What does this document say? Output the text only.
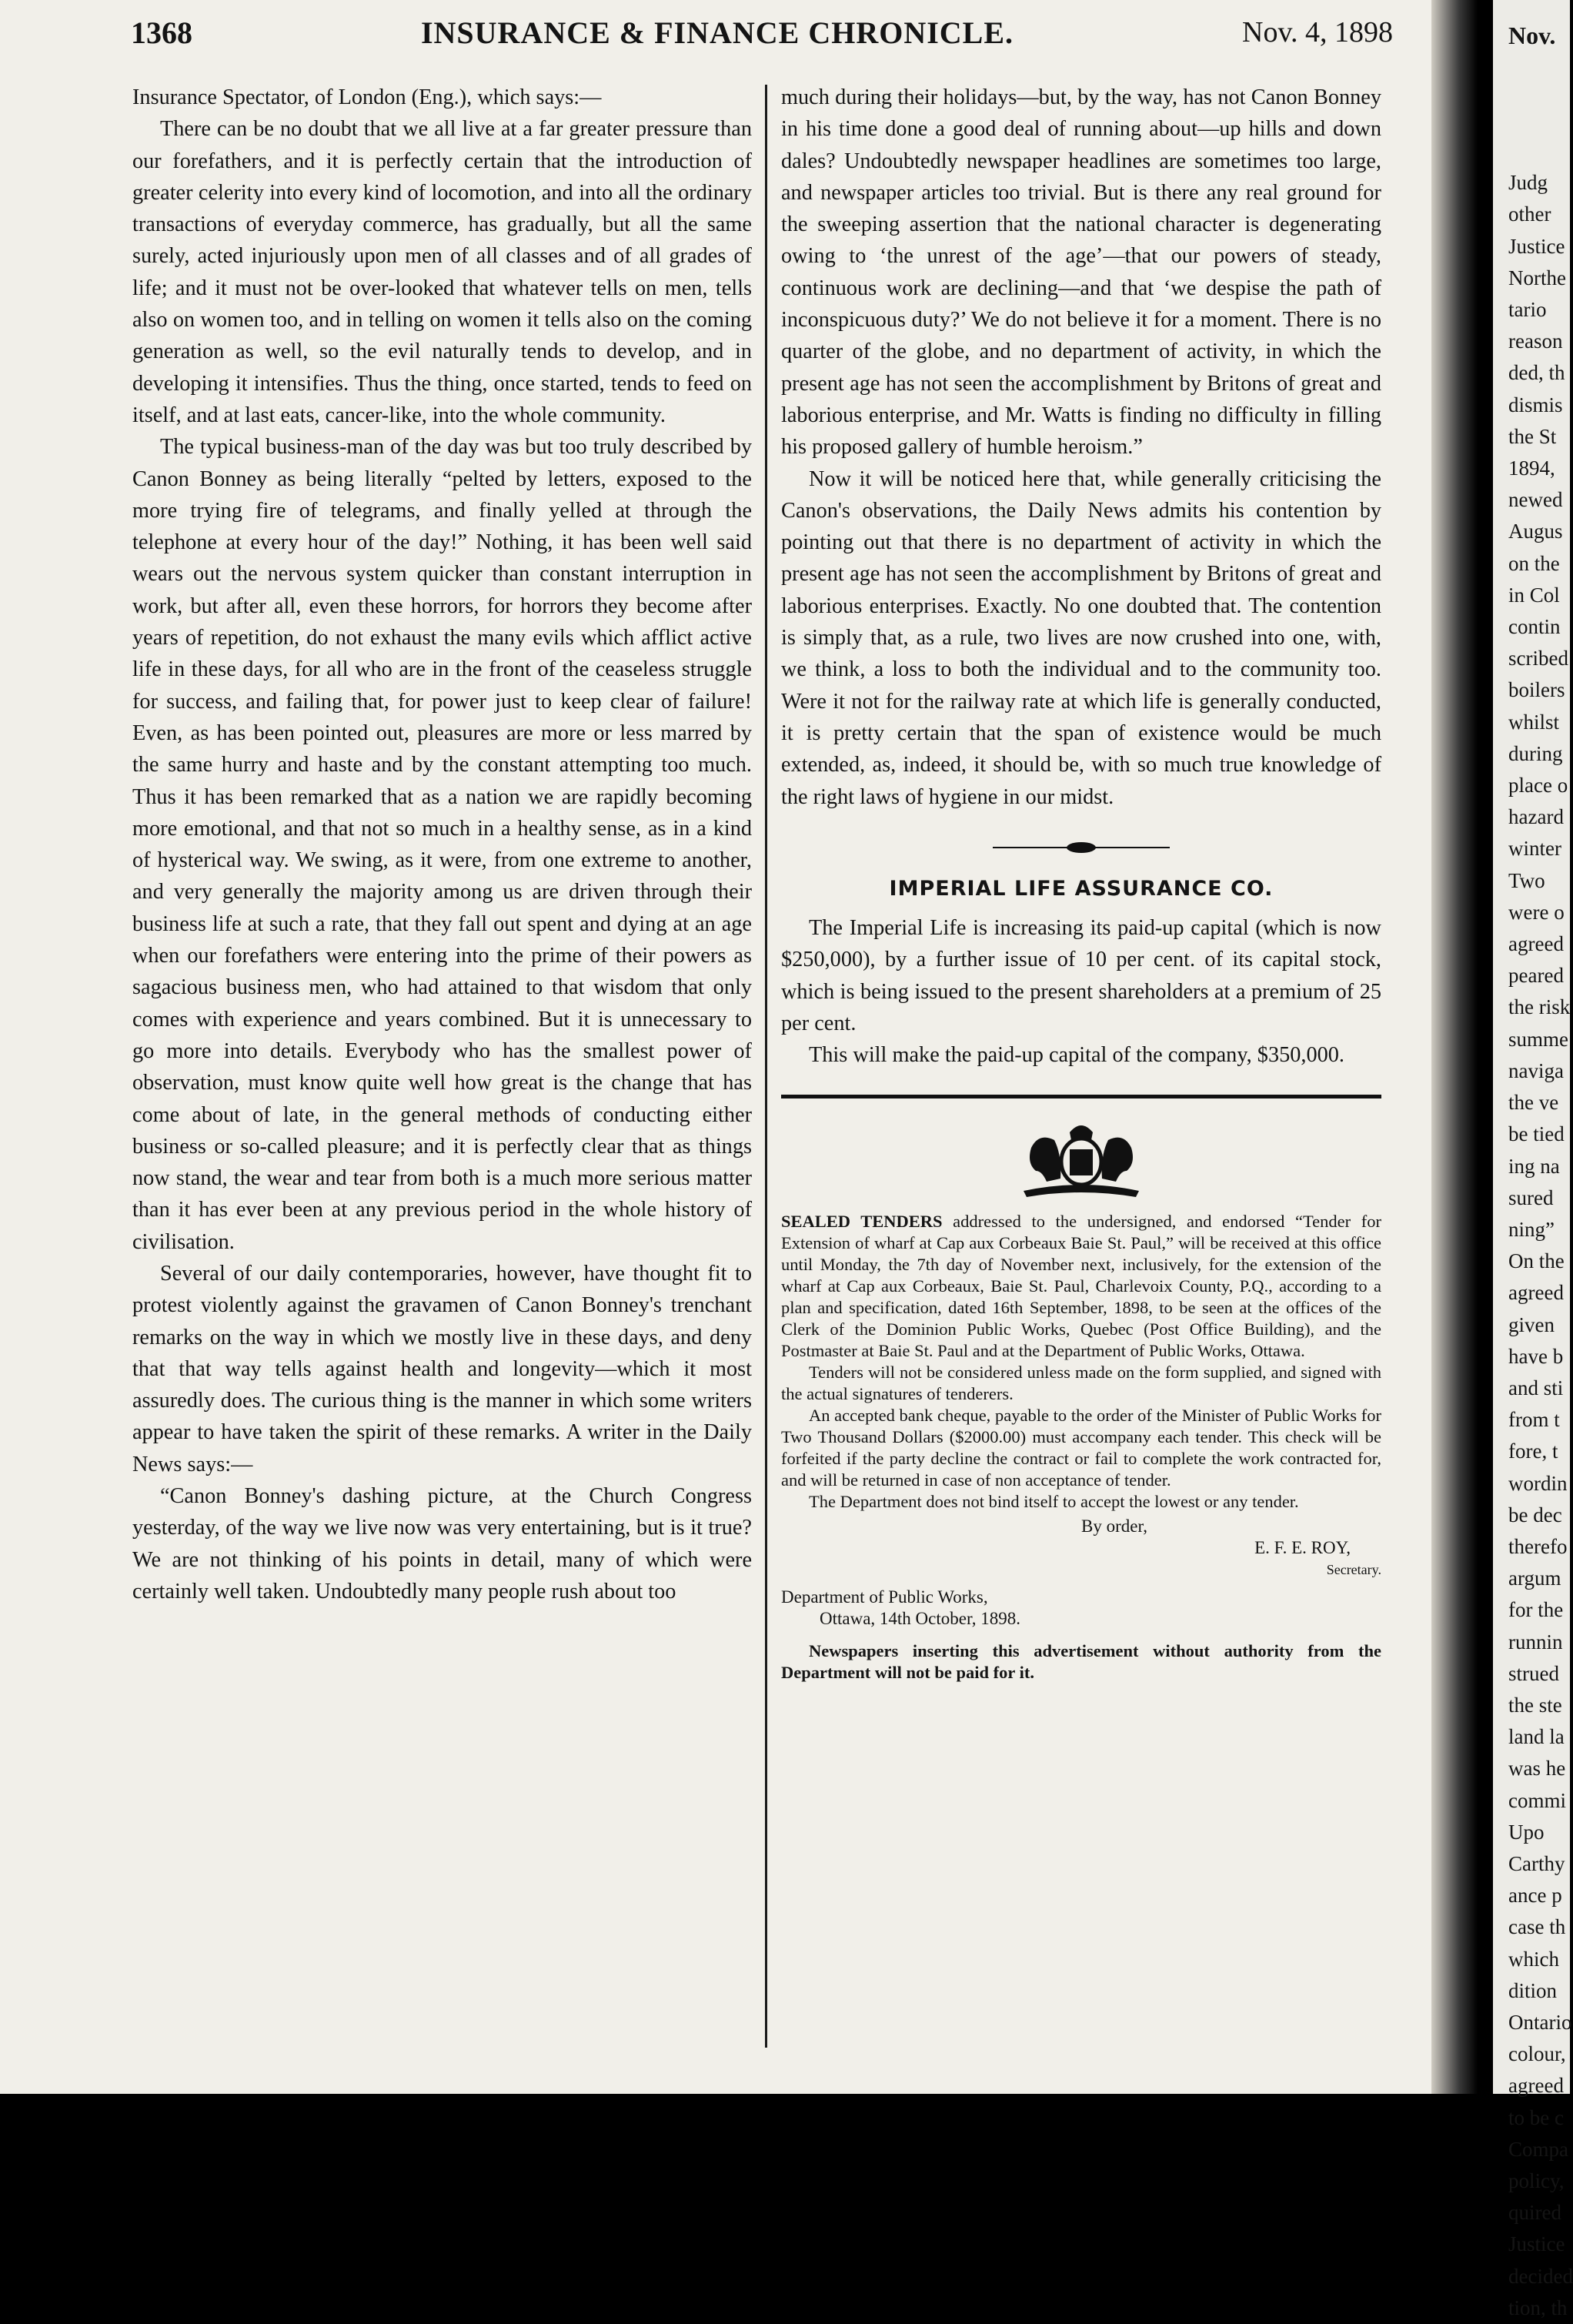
1368	INSURANCE & FINANCE CHRONICLE.	Nov. 4, 1898

Insurance Spectator, of London (Eng.), which says:—

There can be no doubt that we all live at a far greater pressure than our forefathers, and it is perfectly certain that the introduction of greater celerity into every kind of locomotion, and into all the ordinary transactions of everyday commerce, has gradually, but all the same surely, acted injuriously upon men of all classes and of all grades of life; and it must not be over-looked that whatever tells on men, tells also on women too, and in telling on women it tells also on the coming generation as well, so the evil naturally tends to develop, and in developing it intensifies. Thus the thing, once started, tends to feed on itself, and at last eats, cancer-like, into the whole community.

The typical business-man of the day was but too truly described by Canon Bonney as being literally “pelted by letters, exposed to the more trying fire of telegrams, and finally yelled at through the telephone at every hour of the day!” Nothing, it has been well said wears out the nervous system quicker than constant interruption in work, but after all, even these horrors, for horrors they become after years of repetition, do not exhaust the many evils which afflict active life in these days, for all who are in the front of the ceaseless struggle for success, and failing that, for power just to keep clear of failure! Even, as has been pointed out, pleasures are more or less marred by the same hurry and haste and by the constant attempting too much. Thus it has been remarked that as a nation we are rapidly becoming more emotional, and that not so much in a healthy sense, as in a kind of hysterical way. We swing, as it were, from one extreme to another, and very generally the majority among us are driven through their business life at such a rate, that they fall out spent and dying at an age when our forefathers were entering into the prime of their powers as sagacious business men, who had attained to that wisdom that only comes with experience and years combined. But it is unnecessary to go more into details. Everybody who has the smallest power of observation, must know quite well how great is the change that has come about of late, in the general methods of conducting either business or so-called pleasure; and it is perfectly clear that as things now stand, the wear and tear from both is a much more serious matter than it has ever been at any previous period in the whole history of civilisation.

Several of our daily contemporaries, however, have thought fit to protest violently against the gravamen of Canon Bonney's trenchant remarks on the way in which we mostly live in these days, and deny that that way tells against health and longevity—which it most assuredly does. The curious thing is the manner in which some writers appear to have taken the spirit of these remarks. A writer in the Daily News says:—

“Canon Bonney's dashing picture, at the Church Congress yesterday, of the way we live now was very entertaining, but is it true? We are not thinking of his points in detail, many of which were certainly well taken. Undoubtedly many people rush about too

much during their holidays—but, by the way, has not Canon Bonney in his time done a good deal of running about—up hills and down dales? Undoubtedly newspaper headlines are sometimes too large, and newspaper articles too trivial. But is there any real ground for the sweeping assertion that the national character is degenerating owing to ‘the unrest of the age’—that our powers of steady, continuous work are declining—and that ‘we despise the path of inconspicuous duty?’ We do not believe it for a moment. There is no quarter of the globe, and no department of activity, in which the present age has not seen the accomplishment by Britons of great and laborious enterprise, and Mr. Watts is finding no difficulty in filling his proposed gallery of humble heroism.”

Now it will be noticed here that, while generally criticising the Canon's observations, the Daily News admits his contention by pointing out that there is no department of activity in which the present age has not seen the accomplishment by Britons of great and laborious enterprises. Exactly. No one doubted that. The contention is simply that, as a rule, two lives are now crushed into one, with, we think, a loss to both the individual and to the community too. Were it not for the railway rate at which life is generally conducted, it is pretty certain that the span of existence would be much extended, as, indeed, it should be, with so much true knowledge of the right laws of hygiene in our midst.

IMPERIAL LIFE ASSURANCE CO.

The Imperial Life is increasing its paid-up capital (which is now $250,000), by a further issue of 10 per cent. of its capital stock, which is being issued to the present shareholders at a premium of 25 per cent.

This will make the paid-up capital of the company, $350,000.

SEALED TENDERS addressed to the undersigned, and endorsed “Tender for Extension of wharf at Cap aux Corbeaux Baie St. Paul,” will be received at this office until Monday, the 7th day of November next, inclusively, for the extension of the wharf at Cap aux Corbeaux, Baie St. Paul, Charlevoix County, P.Q., according to a plan and specification, dated 16th September, 1898, to be seen at the offices of the Clerk of the Dominion Public Works, Quebec (Post Office Building), and the Postmaster at Baie St. Paul and at the Department of Public Works, Ottawa.

Tenders will not be considered unless made on the form supplied, and signed with the actual signatures of tenderers.

An accepted bank cheque, payable to the order of the Minister of Public Works for Two Thousand Dollars ($2000.00) must accompany each tender. This check will be forfeited if the party decline the contract or fail to complete the work contracted for, and will be returned in case of non acceptance of tender.

The Department does not bind itself to accept the lowest or any tender.

By order,
E. F. E. ROY,
Secretary.
Department of Public Works,
Ottawa, 14th October, 1898.

Newspapers inserting this advertisement without authority from the Department will not be paid for it.

Nov.
Judg
other
Justice
Northe
tario
reason
ded, th
dismis
the St
1894,
newed
Augus
on the
in Col
contin
scribed
boilers
whilst
during
place o
hazard
winter
Two
were o
agreed
peared
the risk
summe
naviga
the ve
be tied
ing na
sured
ning”
On the
agreed
given
have b
and sti
from t
fore, t
wordin
be dec
therefo
argum
for the
runnin
strued
the ste
land la
was he
commi
Upo
Carthy
ance p
case th
which
dition
Ontario
colour,
agreed
to be c
Compa
policy,
quired
Justice
decided
tion, th
